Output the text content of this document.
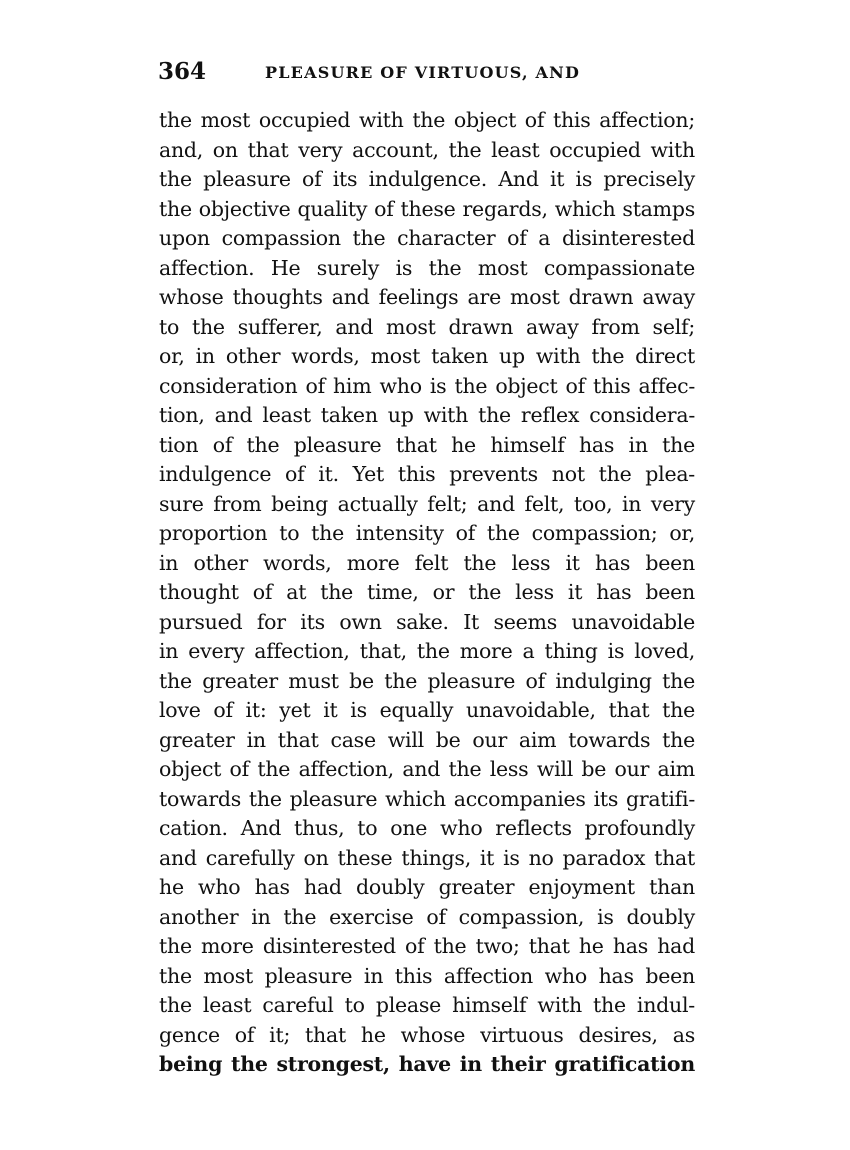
364	PLEASURE OF VIRTUOUS, AND
the most occupied with the object of this affection;
and, on that very account, the least occupied with
the pleasure of its indulgence. And it is precisely
the objective quality of these regards, which stamps
upon compassion the character of a disinterested
affection. He surely is the most compassionate
whose thoughts and feelings are most drawn away
to the sufferer, and most drawn away from self;
or, in other words, most taken up with the direct
consideration of him who is the object of this affec-
tion, and least taken up with the reflex considera-
tion of the pleasure that he himself has in the
indulgence of it. Yet this prevents not the plea-
sure from being actually felt; and felt, too, in very
proportion to the intensity of the compassion; or,
in other words, more felt the less it has been
thought of at the time, or the less it has been
pursued for its own sake. It seems unavoidable
in every affection, that, the more a thing is loved,
the greater must be the pleasure of indulging the
love of it: yet it is equally unavoidable, that the
greater in that case will be our aim towards the
object of the affection, and the less will be our aim
towards the pleasure which accompanies its gratifi-
cation. And thus, to one who reflects profoundly
and carefully on these things, it is no paradox that
he who has had doubly greater enjoyment than
another in the exercise of compassion, is doubly
the more disinterested of the two; that he has had
the most pleasure in this affection who has been
the least careful to please himself with the indul-
gence of it; that he whose virtuous desires, as
being the strongest, have in their gratification
